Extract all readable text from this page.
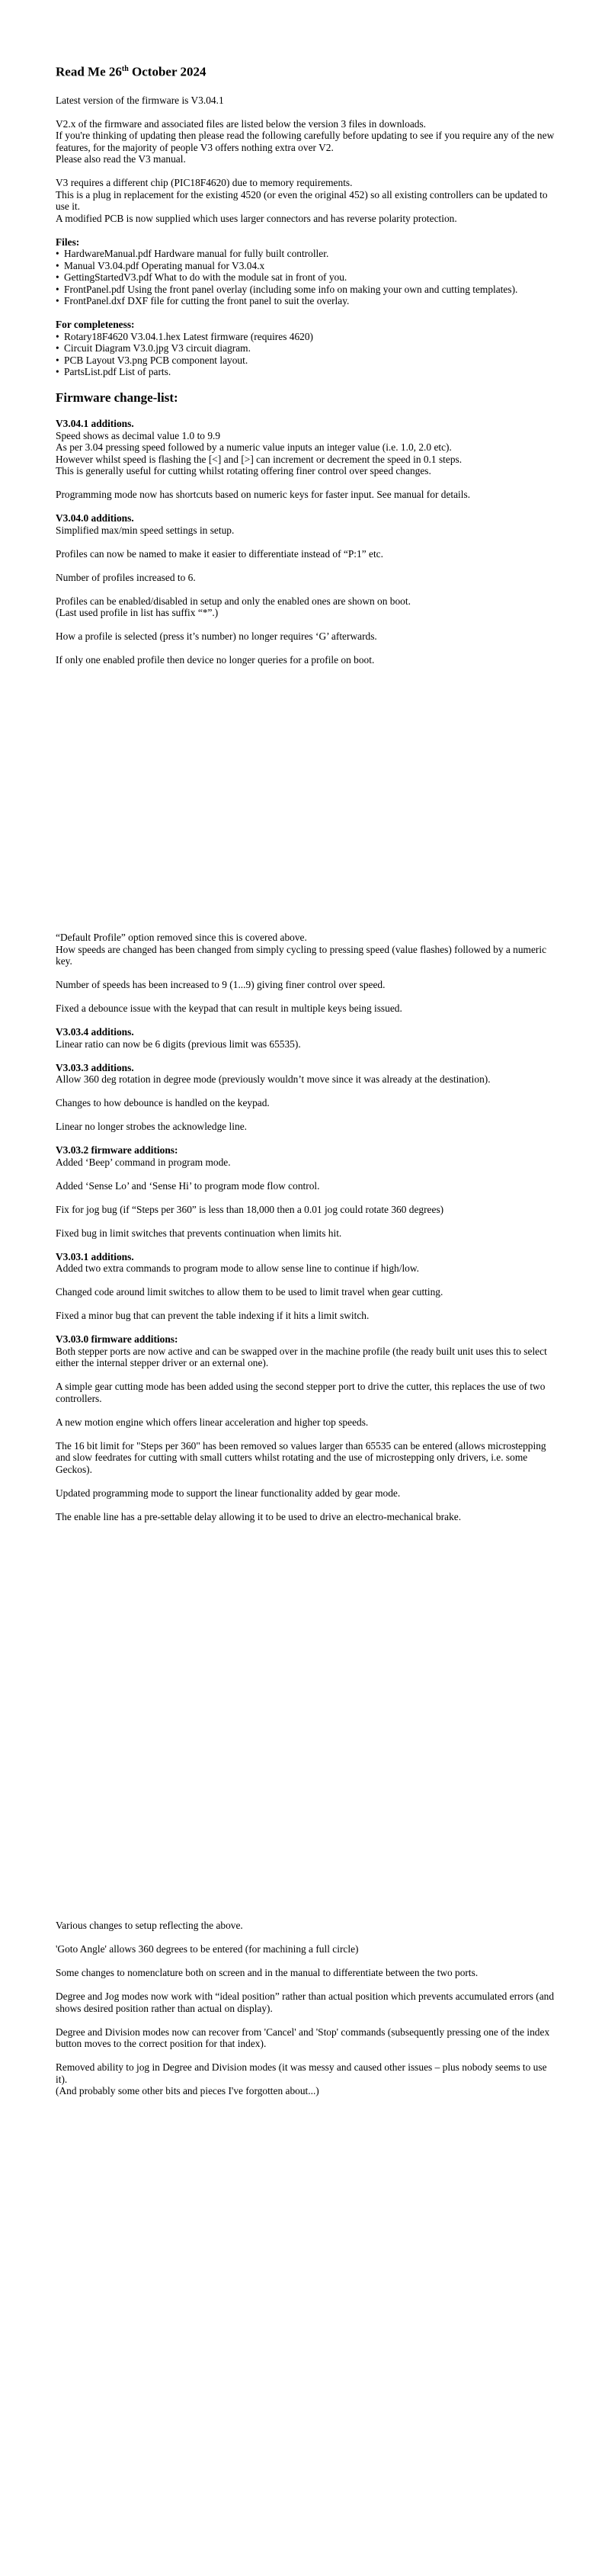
Read Me 26th October 2024

Latest version of the firmware is V3.04.1

V2.x of the firmware and associated files are listed below the version 3 files in downloads.
If you're thinking of updating then please read the following carefully before updating to see if you require any of the new features, for the majority of people V3 offers nothing extra over V2.
Please also read the V3 manual.

V3 requires a different chip (PIC18F4620) due to memory requirements.
This is a plug in replacement for the existing 4520 (or even the original 452) so all existing controllers can be updated to use it.
A modified PCB is now supplied which uses larger connectors and has reverse polarity protection.

Files:
• HardwareManual.pdf Hardware manual for fully built controller.
• Manual V3.04.pdf Operating manual for V3.04.x
• GettingStartedV3.pdf What to do with the module sat in front of you.
• FrontPanel.pdf Using the front panel overlay (including some info on making your own and cutting templates).
• FrontPanel.dxf DXF file for cutting the front panel to suit the overlay.
For completeness:
• Rotary18F4620 V3.04.1.hex Latest firmware (requires 4620)
• Circuit Diagram V3.0.jpg V3 circuit diagram.
• PCB Layout V3.png PCB component layout.
• PartsList.pdf List of parts.
Firmware change-list:
V3.04.1 additions.

Speed shows as decimal value 1.0 to 9.9
As per 3.04 pressing speed followed by a numeric value inputs an integer value (i.e. 1.0, 2.0 etc).
However whilst speed is flashing the [<] and [>] can increment or decrement the speed in 0.1 steps.
This is generally useful for cutting whilst rotating offering finer control over speed changes.

Programming mode now has shortcuts based on numeric keys for faster input. See manual for details.

V3.04.0 additions.

Simplified max/min speed settings in setup.

Profiles can now be named to make it easier to differentiate instead of “P:1” etc.

Number of profiles increased to 6.

Profiles can be enabled/disabled in setup and only the enabled ones are shown on boot.
(Last used profile in list has suffix “*”.)

How a profile is selected (press it’s number) no longer requires ‘G’ afterwards.

If only one enabled profile then device no longer queries for a profile on boot.

“Default Profile” option removed since this is covered above.
How speeds are changed has been changed from simply cycling to pressing speed (value flashes) followed by a numeric key.

Number of speeds has been increased to 9 (1...9) giving finer control over speed.

Fixed a debounce issue with the keypad that can result in multiple keys being issued.

V3.03.4 additions.

Linear ratio can now be 6 digits (previous limit was 65535).

V3.03.3 additions.

Allow 360 deg rotation in degree mode (previously wouldn’t move since it was already at the destination).

Changes to how debounce is handled on the keypad.

Linear no longer strobes the acknowledge line.

V3.03.2 firmware additions:

Added ‘Beep’ command in program mode.

Added ‘Sense Lo’ and ‘Sense Hi’ to program mode flow control.

Fix for jog bug (if “Steps per 360” is less than 18,000 then a 0.01 jog could rotate 360 degrees)

Fixed bug in limit switches that prevents continuation when limits hit.

V3.03.1 additions.

Added two extra commands to program mode to allow sense line to continue if high/low.

Changed code around limit switches to allow them to be used to limit travel when gear cutting.

Fixed a minor bug that can prevent the table indexing if it hits a limit switch.

V3.03.0 firmware additions:

Both stepper ports are now active and can be swapped over in the machine profile (the ready built unit uses this to select either the internal stepper driver or an external one).

A simple gear cutting mode has been added using the second stepper port to drive the cutter, this replaces the use of two controllers.

A new motion engine which offers linear acceleration and higher top speeds.

The 16 bit limit for "Steps per 360" has been removed so values larger than 65535 can be entered (allows microstepping and slow feedrates for cutting with small cutters whilst rotating and the use of microstepping only drivers, i.e. some Geckos).

Updated programming mode to support the linear functionality added by gear mode.

The enable line has a pre-settable delay allowing it to be used to drive an electro-mechanical brake.

Various changes to setup reflecting the above.

'Goto Angle' allows 360 degrees to be entered (for machining a full circle)

Some changes to nomenclature both on screen and in the manual to differentiate between the two ports.

Degree and Jog modes now work with “ideal position” rather than actual position which prevents accumulated errors (and shows desired position rather than actual on display).

Degree and Division modes now can recover from 'Cancel' and 'Stop' commands (subsequently pressing one of the index button moves to the correct position for that index).

Removed ability to jog in Degree and Division modes (it was messy and caused other issues – plus nobody seems to use it).
(And probably some other bits and pieces I've forgotten about...)
